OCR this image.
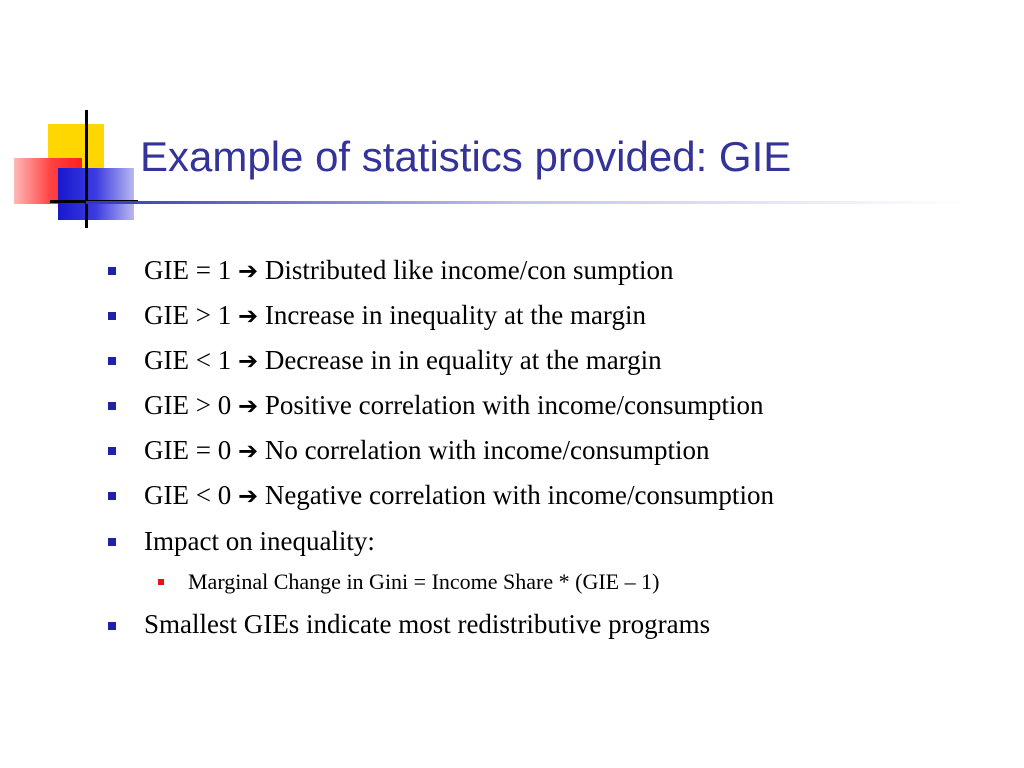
Example of statistics provided: GIE
GIE = 1 ➔ Distributed like income/con sumption
GIE > 1 ➔ Increase in inequality at the margin
GIE < 1 ➔ Decrease in in equality at the margin
GIE > 0 ➔ Positive correlation with income/consumption
GIE = 0 ➔ No correlation with income/consumption
GIE < 0 ➔ Negative correlation with income/consumption
Impact on inequality:
Marginal Change in Gini = Income Share * (GIE – 1)
Smallest GIEs indicate most redistributive programs
